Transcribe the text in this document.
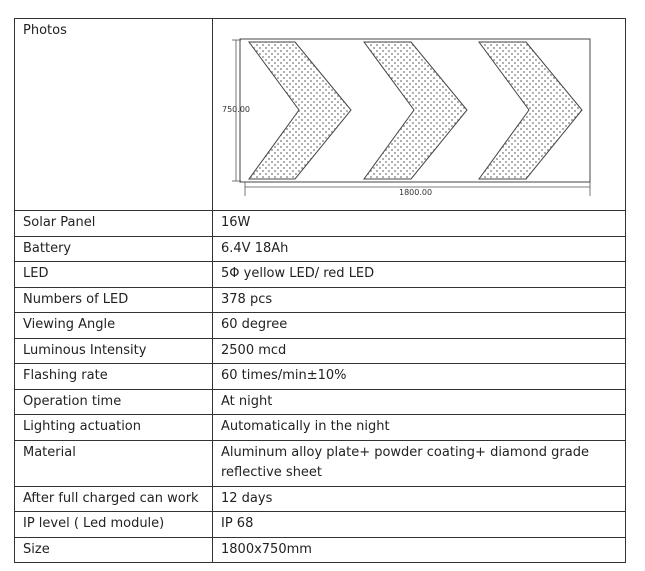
Photos	750.00
1800.00

Solar Panel	16W
Battery	6.4V 18Ah
LED	5Φ yellow LED/ red LED
Numbers of LED	378 pcs
Viewing Angle	60 degree
Luminous Intensity	2500 mcd
Flashing rate	60 times/min±10%
Operation time	At night
Lighting actuation	Automatically in the night
Material	Aluminum alloy plate+ powder coating+ diamond grade reflective sheet
After full charged can work	12 days
IP level ( Led module)	IP 68
Size	1800x750mm
